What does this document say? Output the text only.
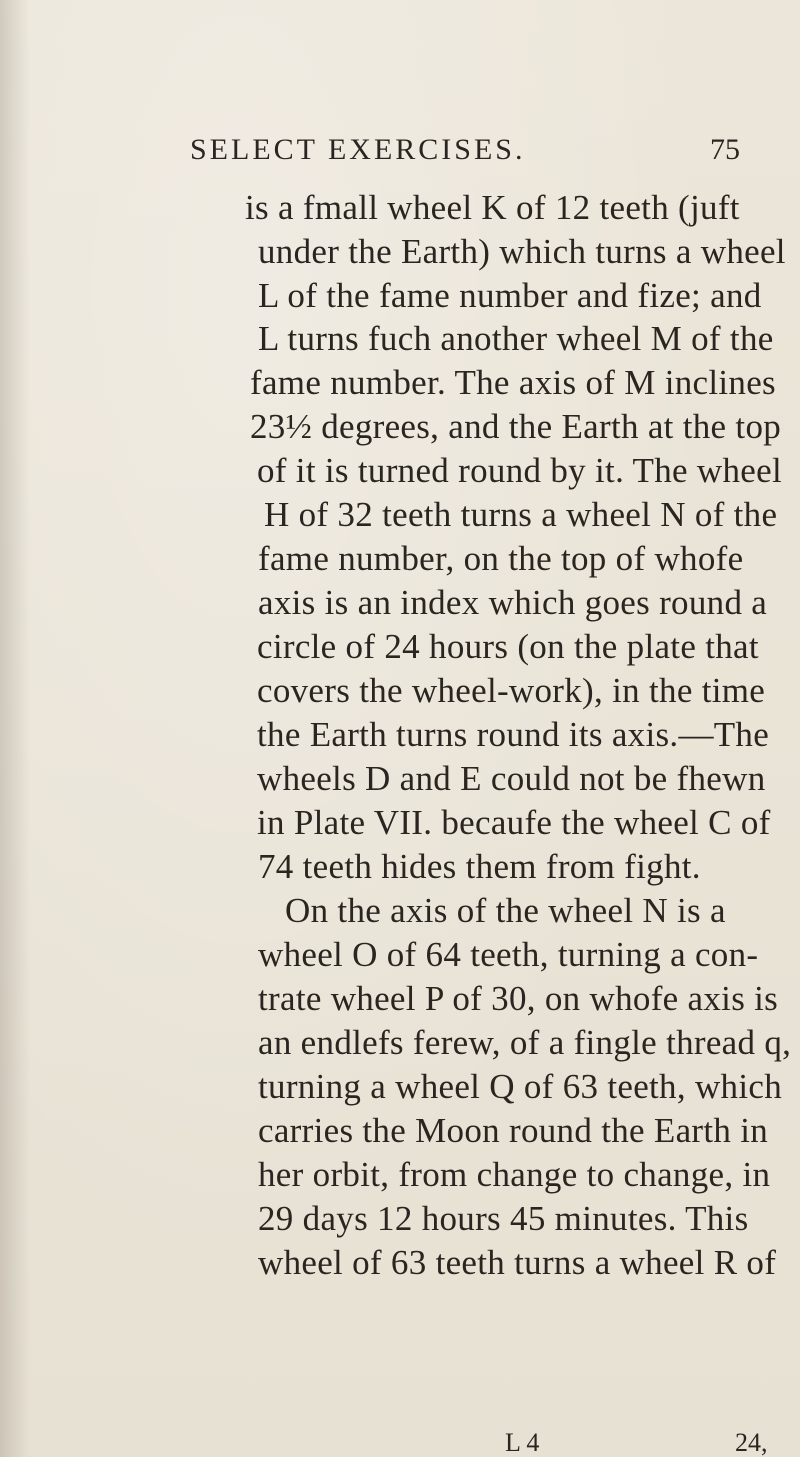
SELECT EXERCISES.	75
is a fmall wheel K of 12 teeth (juft
under the Earth) which turns a wheel
L of the fame number and fize; and
L turns fuch another wheel M of the
fame number. The axis of M inclines
23½ degrees, and the Earth at the top
of it is turned round by it. The wheel
H of 32 teeth turns a wheel N of the
fame number, on the top of whofe
axis is an index which goes round a
circle of 24 hours (on the plate that
covers the wheel-work), in the time
the Earth turns round its axis.—The
wheels D and E could not be fhewn
in Plate VII. becaufe the wheel C of
74 teeth hides them from fight.
On the axis of the wheel N is a
wheel O of 64 teeth, turning a con-
trate wheel P of 30, on whofe axis is
an endlefs ferew, of a fingle thread q,
turning a wheel Q of 63 teeth, which
carries the Moon round the Earth in
her orbit, from change to change, in
29 days 12 hours 45 minutes. This
wheel of 63 teeth turns a wheel R of
L 4	24,
